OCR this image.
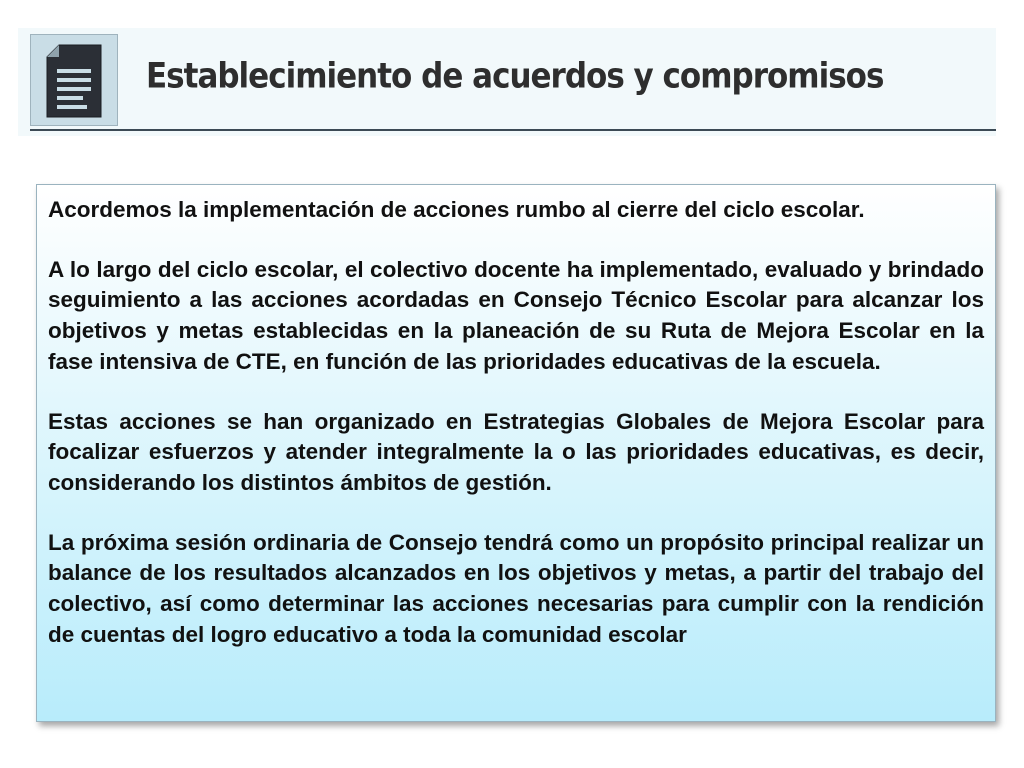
Establecimiento de acuerdos y compromisos

Acordemos la implementación de acciones rumbo al cierre del ciclo escolar.

A lo largo del ciclo escolar, el colectivo docente ha implementado, evaluado y brindado seguimiento a las acciones acordadas en Consejo Técnico Escolar para alcanzar los objetivos y metas establecidas en la planeación de su Ruta de Mejora Escolar en la fase intensiva de CTE, en función de las prioridades educativas de la escuela.

Estas acciones se han organizado en Estrategias Globales de Mejora Escolar para focalizar esfuerzos y atender integralmente la o las prioridades educativas, es decir, considerando los distintos ámbitos de gestión.

La próxima sesión ordinaria de Consejo tendrá como un propósito principal realizar un balance de los resultados alcanzados en los objetivos y metas, a partir del trabajo del colectivo, así como determinar las acciones necesarias para cumplir con la rendición de cuentas del logro educativo a toda la comunidad escolar
